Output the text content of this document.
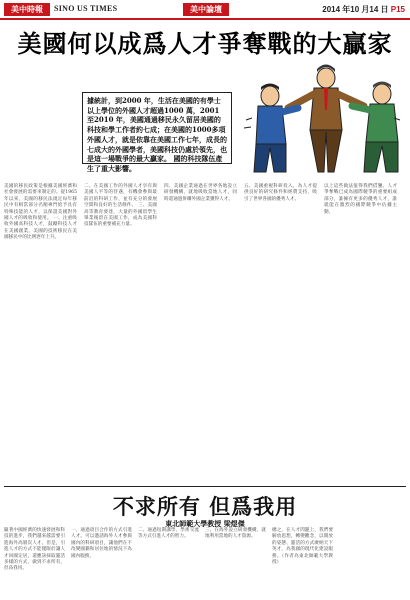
美中時報	SINO US TIMES	美中論壇	2014 年10 月14 日 P15
美國何以成爲人才爭奪戰的大贏家
據統計，到2000 年，生活在美國的有學士以上學位的外國人才超過1000 萬，2001 至2010 年，美國通過移民永久留居美國的科技和學工作者約七成；在美國的1000多項外國人才，就是依靠在美國工作七年，成長的七成大的外國學者，美國科技仍處於領先，也是這一場戰爭的最大贏家。 國的科技隊伍產生了重大影響。
美國的移民政策是根據美國經濟和社會發展的需要來制定的。從1965年以來，美國的移民法規定每年移民中有相當部分名額專門給予具有特殊技能的人才，以保證美國對外國人才的吸收和使用。 一、注重吸收外國高科技人才，鼓勵科技人才在美國創業。美國的技術移民在美國移民中的比例逐年上升。
二、在美國工作的外國人才享有與美國人平等的待遇，有機會參與最前沿的科研工作，並有充分的發展空間和良好的生活條件。 三、美國高等教育發達，大量的外國留學生畢業後留在美國工作，成為美國科技隊伍的重要補充力量。
四、美國企業通過在世界各地設立研發機構，就地吸收當地人才，同時還通過併購外國企業獲得人才。
五、美國重視科研投入，為人才提供良好的研究條件和經費支持，吸引了世界各國的優秀人才。
以上這些做法值得我們借鑒。人才爭奪戰已成為國際競爭的重要組成部分，誰擁有更多的優秀人才，誰就能在激烈的國際競爭中佔據主動。
不求所有 但爲我用
東北師範大學教授 梁煜傑
隨著中國經濟的快速發展和科技的進步，我們越來越需要引進海外高層次人才。但是，引進人才的方式不能僅限於讓人才回國定居，還應該採取靈活多樣的方式，做到不求所有，但爲我用。
一、通過項目合作的方式引進人才。可以邀請海外人才參與國內的科研項目，讓他們在不改變國籍和居住地的情況下為國內服務。
二、通過短期講學、學術交流等方式引進人才的智力。
三、在海外設立研發機構，就地利用當地的人才資源。
總之，在人才問題上，我們要解放思想，轉變觀念，以開放的姿態、靈活的方式廣納天下英才，為我國的現代化建設服務。（作者為東北師範大學教授）
